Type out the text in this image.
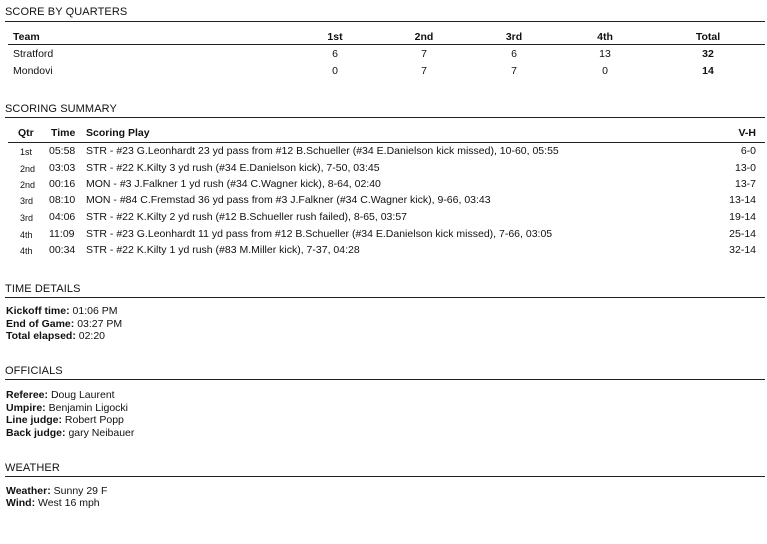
SCORE BY QUARTERS
Team	1st	2nd	3rd	4th	Total
Stratford	6	7	6	13	32
Mondovi	0	7	7	0	14
SCORING SUMMARY
Qtr Time Scoring Play	V-H
1st 05:58 STR - #23 G.Leonhardt 23 yd pass from #12 B.Schueller (#34 E.Danielson kick missed), 10-60, 05:55	6-0
2nd 03:03 STR - #22 K.Kilty 3 yd rush (#34 E.Danielson kick), 7-50, 03:45	13-0
2nd 00:16 MON - #3 J.Falkner 1 yd rush (#34 C.Wagner kick), 8-64, 02:40	13-7
3rd 08:10 MON - #84 C.Fremstad 36 yd pass from #3 J.Falkner (#34 C.Wagner kick), 9-66, 03:43	13-14
3rd 04:06 STR - #22 K.Kilty 2 yd rush (#12 B.Schueller rush failed), 8-65, 03:57	19-14
4th 11:09 STR - #23 G.Leonhardt 11 yd pass from #12 B.Schueller (#34 E.Danielson kick missed), 7-66, 03:05	25-14
4th 00:34 STR - #22 K.Kilty 1 yd rush (#83 M.Miller kick), 7-37, 04:28	32-14
TIME DETAILS
Kickoff time: 01:06 PM
End of Game: 03:27 PM
Total elapsed: 02:20
OFFICIALS
Referee: Doug Laurent
Umpire: Benjamin Ligocki
Line judge: Robert Popp
Back judge: gary Neibauer
WEATHER
Weather: Sunny 29 F
Wind: West 16 mph
